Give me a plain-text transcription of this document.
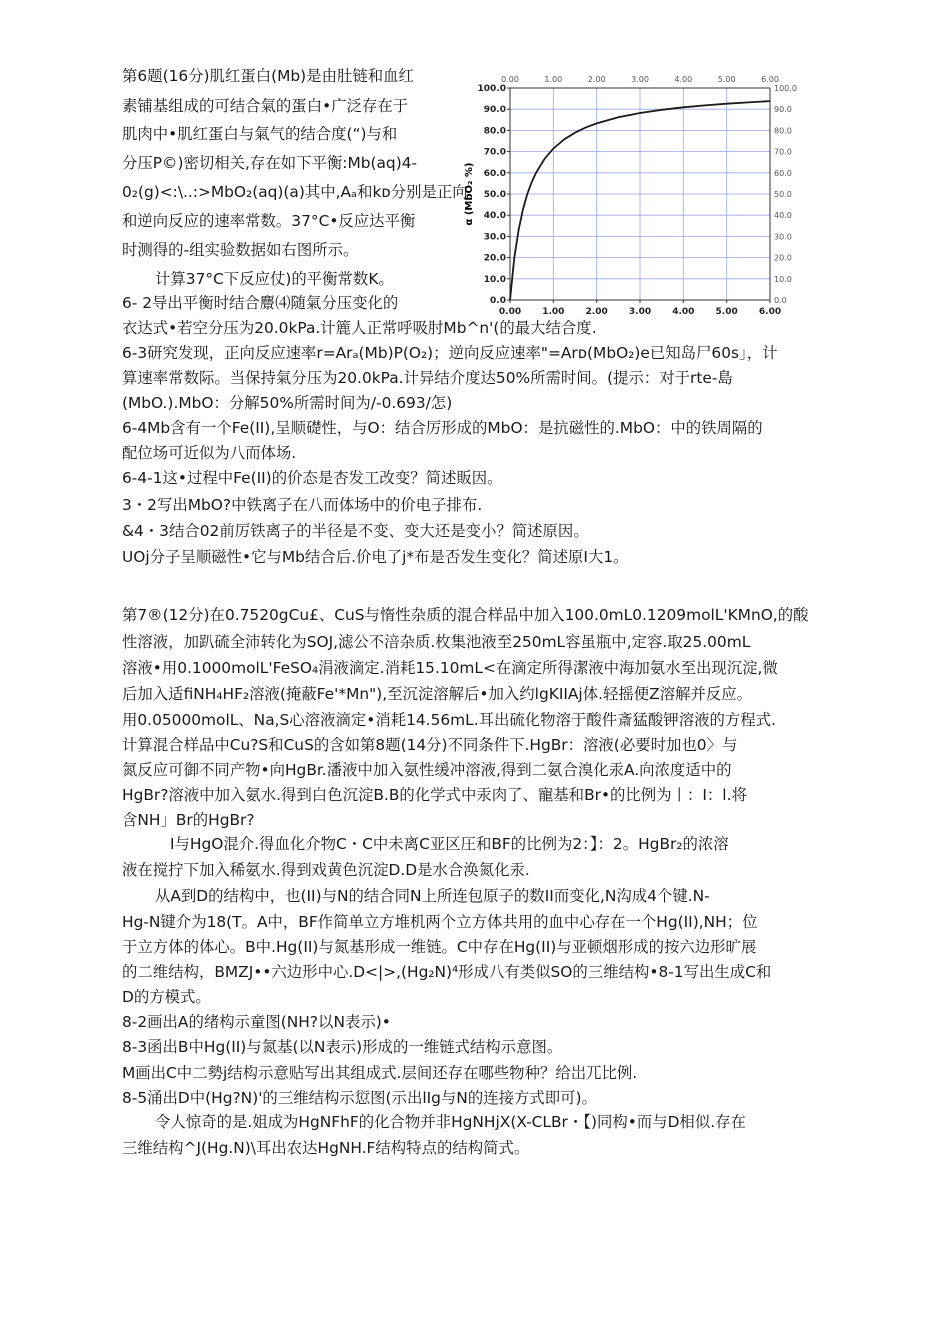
第6题(16分)肌红蛋白(Mb)是由肚链和血红
素铺基组成的可结合氣的蛋白•广泛存在于
肌肉中•肌红蛋白与氣气的结合度(“)与和
分压P©)密切相关,存在如下平衡:Mb(aq)4-
0₂(g)<:\..:>MbO₂(aq)(a)其中,Aₐ和kᴅ分别是正向
和逆向反应的速率常数。37°C•反应达平衡
时测得的-组实验数据如右图所示。
计算37°C下反应仗)的平衡常数K。
6- 2导出平衡时结合麖⑷随氣分压变化的
衣达式•若空分压为20.0kPa.计簏人正常呼吸肘Mb^n'(的最大结合度.
6-3研究发现，正向反应速率r=Arₐ(Mb)P(O₂)；逆向反应速率"=Arᴅ(MbO₂)e已知岛尸60s」，计
算速率常数际。当保持氣分压为20.0kPa.计异结介度达50%所需时间。(提示：对于rte-島
(MbO.).MbO：分解50%所需时间为/-0.693/怎)
6-4Mb含有一个Fe(II),呈顺礎性，与O：结合厉形成的MbO：是抗磁性的.MbO：中的铁周隔的
配位场可近似为八而体场.
6-4-1这•过程中Fe(II)的价态是杏发工改变？简述販因。
3・2写出MbO?中铁离子在八而体场中的价电子排布.
&4・3结合02前厉铁离子的半径是不变、变大还是变小？简述原因。
UOj分子呈顺磁性•它与Mb结合后.价电了j*布是否发生变化？简述原I大1。
0.00
0.00
1.00
1.00
2.00
2.00
3.00
3.00
4.00
4.00
5.00
5.00
6.00
6.00
0.0
10.0
20.0
30.0
40.0
50.0
60.0
70.0
80.0
90.0
100.0
0.0
10.0
20.0
30.0
40.0
50.0
60.0
70.0
80.0
90.0
100.0
α (MbO₂ %)
第7®(12分)在0.7520gCu£、CuS与惰性杂质的混合样品中加入100.0mL0.1209molL'KMnO,的酸
性溶液，加趴硫全沛转化为SOJ,滤公不涪杂质.枚集池液至250mL容虽瓶中,定容.取25.00mL
溶液•用0.1000molL'FeSO₄涓液滴定.消耗15.10mL<在滴定所得潔液中海加氨水至出现沉淀,微
后加入适fiNH₄HF₂溶液(掩蔽Fe'*Mn"),至沉淀溶解后•加入约lgKIIAj体.轻摇便Z溶解并反应。
用0.05000molL、Na,S心溶液滴定•消耗14.56mL.耳出硫化物溶于酸件斎猛酸钾溶液的方程式.
计算混合样品中Cu?S和CuS的含如第8题(14分)不同条件下.HgBr：溶液(必要时加也0〉与
氮反应可御不同产物•向HgBr.潘液中加入氨性缓冲溶液,得到二氨合溴化汞A.向浓度适中的
HgBr?溶液中加入氨水.得到白色沉淀B.B的化学式中汞肉了、寵基和Br•的比例为丨：I：l.将
含NH」Br的HgBr?
I与HgO混介.得血化介物C・C中未离C亚区圧和BF的比例为2：】：2。HgBr₂的浓溶
液在搅拧下加入稀氨水.得到戏黄色沉淀D.D是水合涣氮化汞.
从A到D的结构中，也(II)与N的结合同N上所连包原子的数II而变化,N沟成4个键.N-
Hg-N键介为18(T。A中，BF作简单立方堆机两个立方体共用的血中心存在一个Hg(II),NH；位
于立方体的体心。B中.Hg(II)与氮基形成一维链。C中存在Hg(II)与亚顿烟形成的按六边形旷展
的二维结构，BMZJ••六边形中心.D<|>,(Hg₂N)⁴形成八有类似SO的三维结构•8-1写出生成C和
D的方模式。
8-2画出A的绪构示童图(NH?以N表示)•
8-3函出B中Hg(II)与氮基(以N表示)形成的一维链式结构示意图。
M画出C中二勢j结构示意贴写出其组成式.层间还存在哪些物种？给岀兀比例.
8-5涌出D中(Hg?N)'的三维结构示愆图(示出lIg与N的连接方式即可)。
令人惊奇的是.姐成为HgNFhF的化合物并非HgNHjX(X-CLBr・【)同构•而与D相似.存在
三维结构^J(Hg.N)\耳出农达HgNH.F结构特点的结构简式。
